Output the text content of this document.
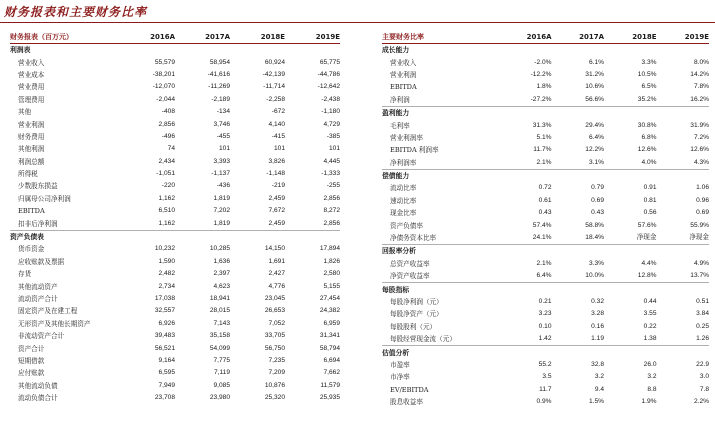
财务报表和主要财务比率
财务报表（百万元）	2016A	2017A	2018E	2019E
利润表				
营业收入	55,579	58,954	60,924	65,775
营业成本	-38,201	-41,616	-42,139	-44,786
营业费用	-12,070	-11,269	-11,714	-12,642
管理费用	-2,044	-2,189	-2,258	-2,438
其他	-408	-134	-672	-1,180
营业利润	2,856	3,746	4,140	4,729
财务费用	-496	-455	-415	-385
其他利润	74	101	101	101
利润总额	2,434	3,393	3,826	4,445
所得税	-1,051	-1,137	-1,148	-1,333
少数股东损益	-220	-436	-219	-255
归属母公司净利润	1,162	1,819	2,459	2,856
EBITDA	6,510	7,202	7,672	8,272
扣非后净利润	1,162	1,819	2,459	2,856
资产负债表				
货币资金	10,232	10,285	14,150	17,894
应收账款及票据	1,590	1,636	1,691	1,826
存货	2,482	2,397	2,427	2,580
其他流动资产	2,734	4,623	4,776	5,155
流动资产合计	17,038	18,941	23,045	27,454
固定资产及在建工程	32,557	28,015	26,653	24,382
无形资产及其他长期资产	6,926	7,143	7,052	6,959
非流动资产合计	39,483	35,158	33,705	31,341
资产合计	56,521	54,099	56,750	58,794
短期借款	9,164	7,775	7,235	6,694
应付账款	6,595	7,119	7,209	7,662
其他流动负债	7,949	9,085	10,876	11,579
流动负债合计	23,708	23,980	25,320	25,935
主要财务比率	2016A	2017A	2018E	2019E
成长能力				
营业收入	-2.0%	6.1%	3.3%	8.0%
营业利润	-12.2%	31.2%	10.5%	14.2%
EBITDA	1.8%	10.6%	6.5%	7.8%
净利润	-27.2%	56.6%	35.2%	16.2%
盈利能力				
毛利率	31.3%	29.4%	30.8%	31.9%
营业利润率	5.1%	6.4%	6.8%	7.2%
EBITDA 利润率	11.7%	12.2%	12.6%	12.6%
净利润率	2.1%	3.1%	4.0%	4.3%
偿债能力				
流动比率	0.72	0.79	0.91	1.06
速动比率	0.61	0.69	0.81	0.96
现金比率	0.43	0.43	0.56	0.69
资产负债率	57.4%	58.8%	57.6%	55.9%
净债务资本比率	24.1%	18.4%	净现金	净现金
回报率分析				
总资产收益率	2.1%	3.3%	4.4%	4.9%
净资产收益率	6.4%	10.0%	12.8%	13.7%
每股指标				
每股净利润（元）	0.21	0.32	0.44	0.51
每股净资产（元）	3.23	3.28	3.55	3.84
每股股利（元）	0.10	0.16	0.22	0.25
每股经营现金流（元）	1.42	1.19	1.38	1.26
估值分析				
市盈率	55.2	32.8	26.0	22.9
市净率	3.5	3.2	3.2	3.0
EV/EBITDA	11.7	9.4	8.8	7.8
股息收益率	0.9%	1.5%	1.9%	2.2%
